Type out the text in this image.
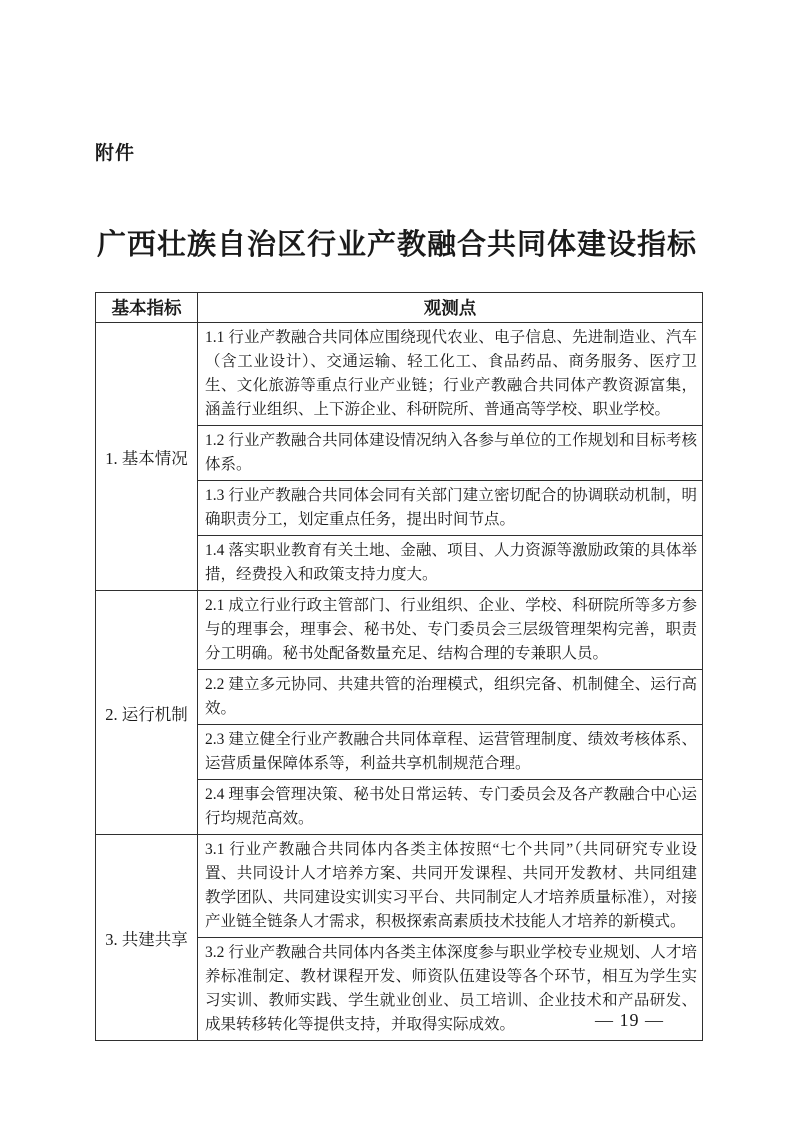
附件
广西壮族自治区行业产教融合共同体建设指标
基本指标	观测点
1. 基本情况	1.1 行业产教融合共同体应围绕现代农业、电子信息、先进制造业、汽车（含工业设计）、交通运输、轻工化工、食品药品、商务服务、医疗卫生、文化旅游等重点行业产业链；行业产教融合共同体产教资源富集，涵盖行业组织、上下游企业、科研院所、普通高等学校、职业学校。
	1.2 行业产教融合共同体建设情况纳入各参与单位的工作规划和目标考核体系。
	1.3 行业产教融合共同体会同有关部门建立密切配合的协调联动机制，明确职责分工，划定重点任务，提出时间节点。
	1.4 落实职业教育有关土地、金融、项目、人力资源等激励政策的具体举措，经费投入和政策支持力度大。
2. 运行机制	2.1 成立行业行政主管部门、行业组织、企业、学校、科研院所等多方参与的理事会，理事会、秘书处、专门委员会三层级管理架构完善，职责分工明确。秘书处配备数量充足、结构合理的专兼职人员。
	2.2 建立多元协同、共建共管的治理模式，组织完备、机制健全、运行高效。
	2.3 建立健全行业产教融合共同体章程、运营管理制度、绩效考核体系、运营质量保障体系等，利益共享机制规范合理。
	2.4 理事会管理决策、秘书处日常运转、专门委员会及各产教融合中心运行均规范高效。
3. 共建共享	3.1 行业产教融合共同体内各类主体按照“七个共同”（共同研究专业设置、共同设计人才培养方案、共同开发课程、共同开发教材、共同组建教学团队、共同建设实训实习平台、共同制定人才培养质量标准），对接产业链全链条人才需求，积极探索高素质技术技能人才培养的新模式。
	3.2 行业产教融合共同体内各类主体深度参与职业学校专业规划、人才培养标准制定、教材课程开发、师资队伍建设等各个环节，相互为学生实习实训、教师实践、学生就业创业、员工培训、企业技术和产品研发、成果转移转化等提供支持，并取得实际成效。	— 19 —
